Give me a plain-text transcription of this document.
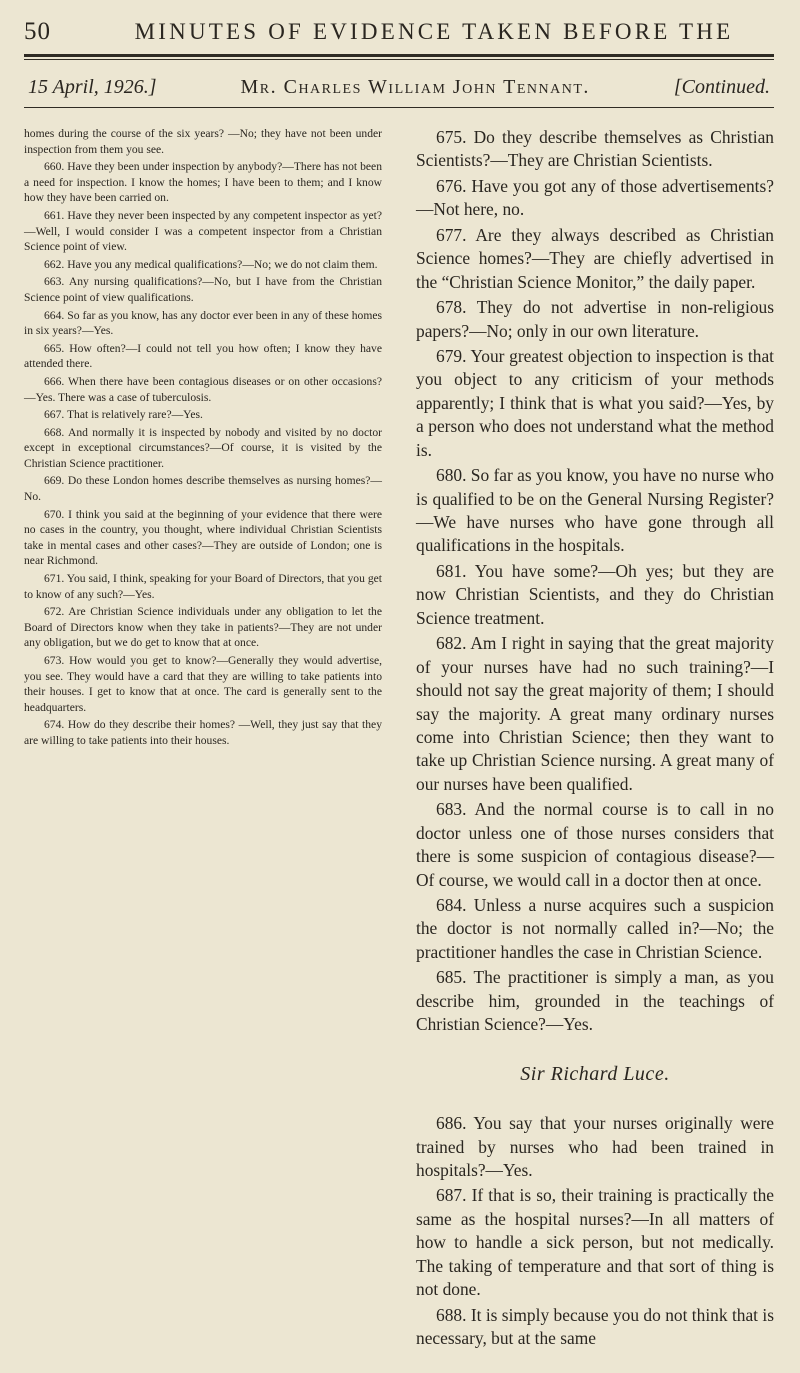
50	MINUTES OF EVIDENCE TAKEN BEFORE THE
15 April, 1926.]	Mr. Charles William John Tennant.	[Continued.

homes during the course of the six years? —No; they have not been under inspection from them you see.

660. Have they been under inspection by anybody?—There has not been a need for inspection. I know the homes; I have been to them; and I know how they have been carried on.

661. Have they never been inspected by any competent inspector as yet?—Well, I would consider I was a competent inspector from a Christian Science point of view.

662. Have you any medical qualifications?—No; we do not claim them.

663. Any nursing qualifications?—No, but I have from the Christian Science point of view qualifications.

664. So far as you know, has any doctor ever been in any of these homes in six years?—Yes.

665. How often?—I could not tell you how often; I know they have attended there.

666. When there have been contagious diseases or on other occasions?—Yes. There was a case of tuberculosis.

667. That is relatively rare?—Yes.

668. And normally it is inspected by nobody and visited by no doctor except in exceptional circumstances?—Of course, it is visited by the Christian Science practitioner.

669. Do these London homes describe themselves as nursing homes?—No.

670. I think you said at the beginning of your evidence that there were no cases in the country, you thought, where individual Christian Scientists take in mental cases and other cases?—They are outside of London; one is near Richmond.

671. You said, I think, speaking for your Board of Directors, that you get to know of any such?—Yes.

672. Are Christian Science individuals under any obligation to let the Board of Directors know when they take in patients?—They are not under any obligation, but we do get to know that at once.

673. How would you get to know?—Generally they would advertise, you see. They would have a card that they are willing to take patients into their houses. I get to know that at once. The card is generally sent to the headquarters.

674. How do they describe their homes? —Well, they just say that they are willing to take patients into their houses.

675. Do they describe themselves as Christian Scientists?—They are Christian Scientists.

676. Have you got any of those advertisements?—Not here, no.

677. Are they always described as Christian Science homes?—They are chiefly advertised in the “Christian Science Monitor,” the daily paper.

678. They do not advertise in non-religious papers?—No; only in our own literature.

679. Your greatest objection to inspection is that you object to any criticism of your methods apparently; I think that is what you said?—Yes, by a person who does not understand what the method is.

680. So far as you know, you have no nurse who is qualified to be on the General Nursing Register?—We have nurses who have gone through all qualifications in the hospitals.

681. You have some?—Oh yes; but they are now Christian Scientists, and they do Christian Science treatment.

682. Am I right in saying that the great majority of your nurses have had no such training?—I should not say the great majority of them; I should say the majority. A great many ordinary nurses come into Christian Science; then they want to take up Christian Science nursing. A great many of our nurses have been qualified.

683. And the normal course is to call in no doctor unless one of those nurses considers that there is some suspicion of contagious disease?—Of course, we would call in a doctor then at once.

684. Unless a nurse acquires such a suspicion the doctor is not normally called in?—No; the practitioner handles the case in Christian Science.

685. The practitioner is simply a man, as you describe him, grounded in the teachings of Christian Science?—Yes.

Sir Richard Luce.

686. You say that your nurses originally were trained by nurses who had been trained in hospitals?—Yes.

687. If that is so, their training is practically the same as the hospital nurses?—In all matters of how to handle a sick person, but not medically. The taking of temperature and that sort of thing is not done.

688. It is simply because you do not think that is necessary, but at the same
